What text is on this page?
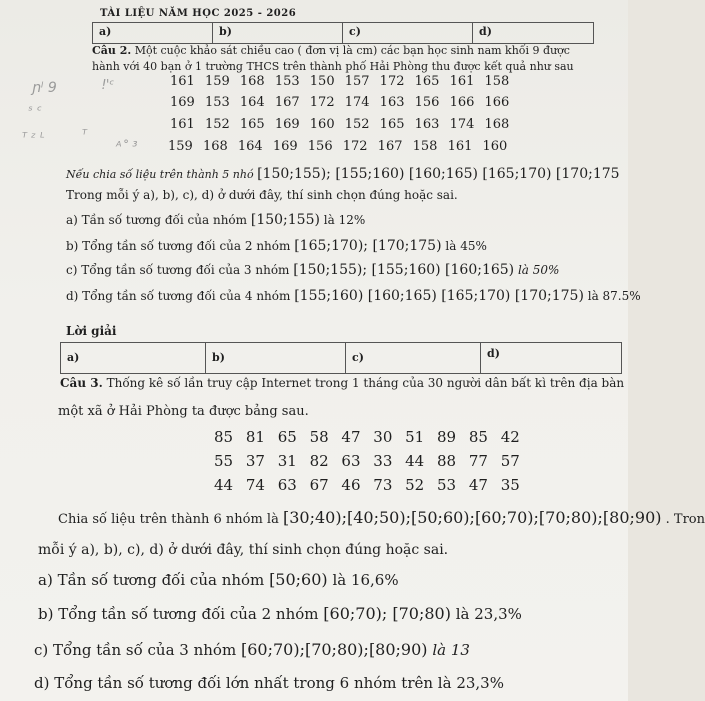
TÀI LIỆU NĂM HỌC 2025 - 2026
a)	b)	c)	d)
Câu 2. Một cuộc khảo sát chiều cao ( đơn vị là cm) các bạn học sinh nam khối 9 được
hành với 40 bạn ở 1 trường THCS trên thành phố Hải Phòng thu được kết quả như sau
161 159 168 153 150 157 172 165 161 158
169 153 164 167 172 174 163 156 166 166
161 152 165 169 160 152 165 163 174 168
159 168 164 169 156 172 167 158 161 160
ɲˡ 9	ǃ'ᶜ
ˢ ᶜ
ᵀ ᶻ ᴸ	ᵀ
ᴬ˚ ³
Nếu chia số liệu trên thành 5 nhó [150;155); [155;160) [160;165) [165;170) [170;175
Trong mỗi ý a), b), c), d) ở dưới đây, thí sinh chọn đúng hoặc sai.
a) Tần số tương đối của nhóm [150;155) là 12%
b) Tổng tần số tương đối của 2 nhóm [165;170); [170;175) là 45%
c) Tổng tần số tương đối của 3 nhóm [150;155); [155;160) [160;165) là 50%
d) Tổng tần số tương đối của 4 nhóm [155;160) [160;165) [165;170) [170;175) là 87.5%
Lời giải
a)	b)	c)	d)
Câu 3. Thống kê số lần truy cập Internet trong 1 tháng của 30 người dân bất kì trên địa bàn
một xã ở Hải Phòng ta được bảng sau.
85 81 65 58 47 30 51 89 85 42
55 37 31 82 63 33 44 88 77 57
44 74 63 67 46 73 52 53 47 35
Chia số liệu trên thành 6 nhóm là [30;40);[40;50);[50;60);[60;70);[70;80);[80;90) . Tron
mỗi ý a), b), c), d) ở dưới đây, thí sinh chọn đúng hoặc sai.
a) Tần số tương đối của nhóm [50;60) là 16,6%
b) Tổng tần số tương đối của 2 nhóm [60;70); [70;80) là 23,3%
c) Tổng tần số của 3 nhóm [60;70);[70;80);[80;90) là 13
d) Tổng tần số tương đối lớn nhất trong 6 nhóm trên là 23,3%
